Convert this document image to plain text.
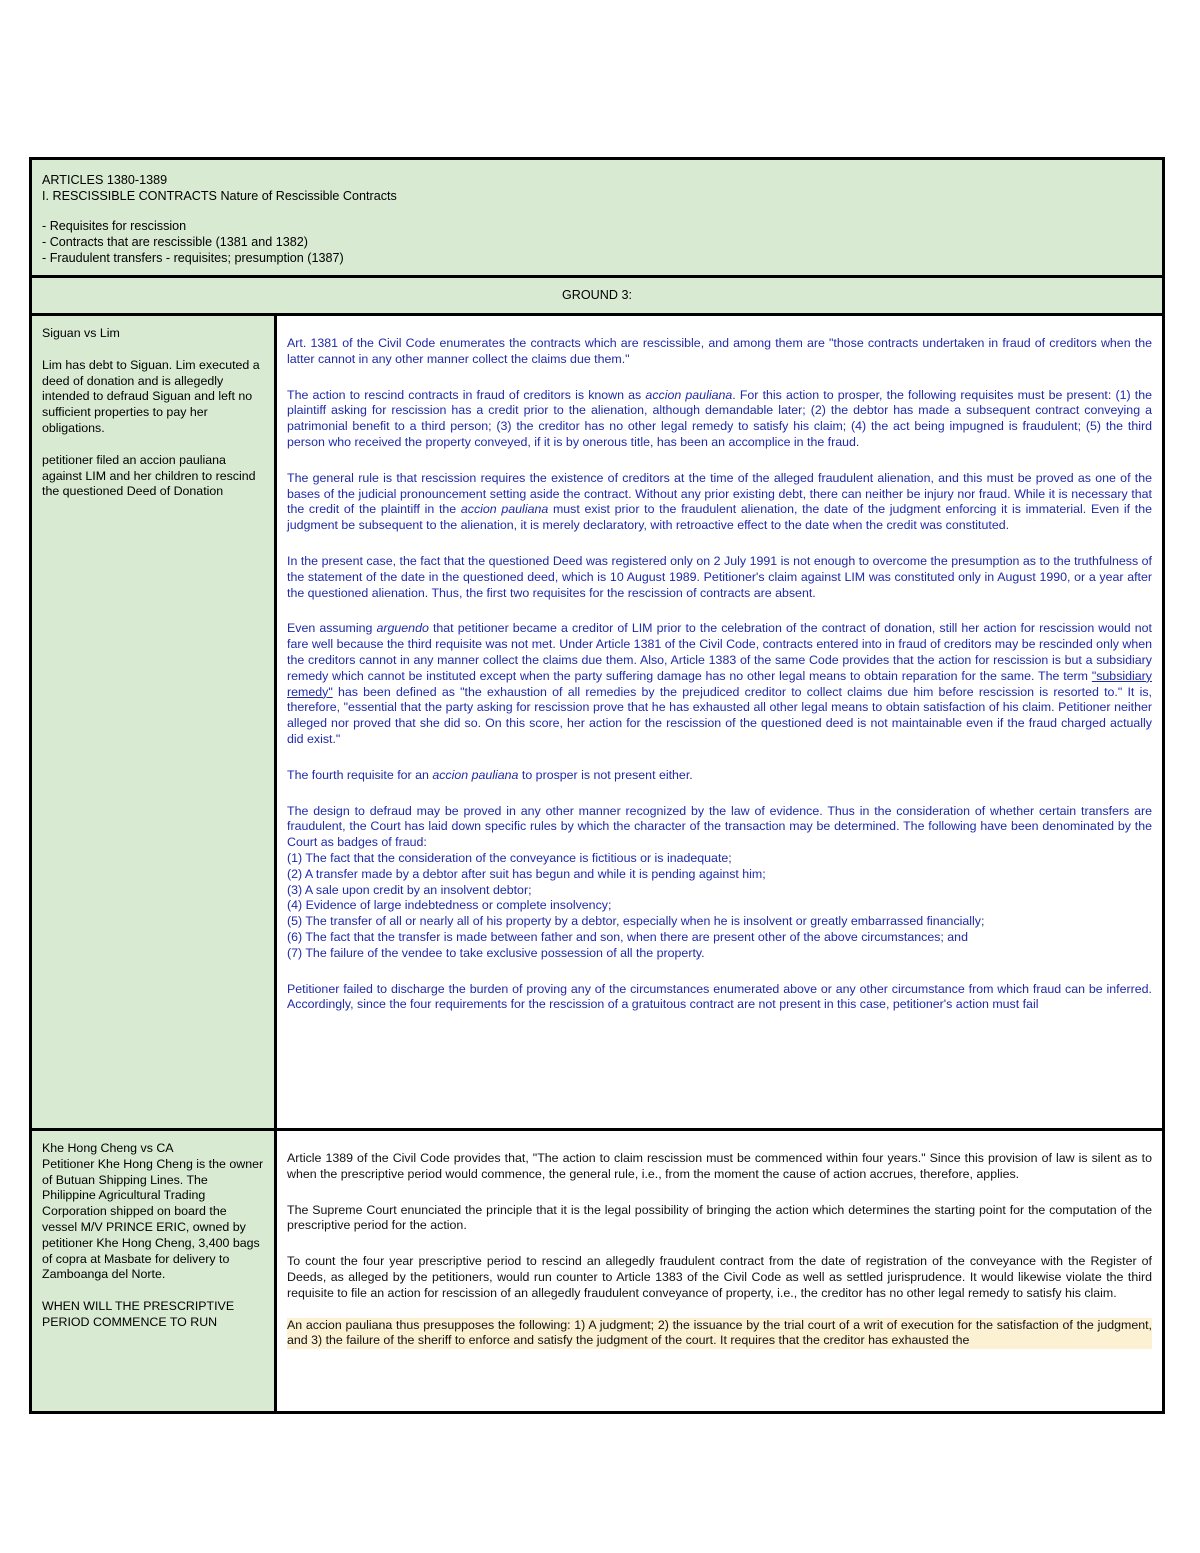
ARTICLES 1380-1389
I. RESCISSIBLE CONTRACTS Nature of Rescissible Contracts
- Requisites for rescission
- Contracts that are rescissible (1381 and 1382)
- Fraudulent transfers - requisites; presumption (1387)
GROUND 3:
Siguan vs Lim
Lim has debt to Siguan. Lim executed a deed of donation and is allegedly intended to defraud Siguan and left no sufficient properties to pay her obligations.
petitioner filed an accion pauliana against LIM and her children to rescind the questioned Deed of Donation

Art. 1381 of the Civil Code enumerates the contracts which are rescissible, and among them are "those contracts undertaken in fraud of creditors when the latter cannot in any other manner collect the claims due them."

The action to rescind contracts in fraud of creditors is known as accion pauliana. For this action to prosper, the following requisites must be present: (1) the plaintiff asking for rescission has a credit prior to the alienation, although demandable later; (2) the debtor has made a subsequent contract conveying a patrimonial benefit to a third person; (3) the creditor has no other legal remedy to satisfy his claim; (4) the act being impugned is fraudulent; (5) the third person who received the property conveyed, if it is by onerous title, has been an accomplice in the fraud.

The general rule is that rescission requires the existence of creditors at the time of the alleged fraudulent alienation, and this must be proved as one of the bases of the judicial pronouncement setting aside the contract. Without any prior existing debt, there can neither be injury nor fraud. While it is necessary that the credit of the plaintiff in the accion pauliana must exist prior to the fraudulent alienation, the date of the judgment enforcing it is immaterial. Even if the judgment be subsequent to the alienation, it is merely declaratory, with retroactive effect to the date when the credit was constituted.

In the present case, the fact that the questioned Deed was registered only on 2 July 1991 is not enough to overcome the presumption as to the truthfulness of the statement of the date in the questioned deed, which is 10 August 1989. Petitioner's claim against LIM was constituted only in August 1990, or a year after the questioned alienation. Thus, the first two requisites for the rescission of contracts are absent.

Even assuming arguendo that petitioner became a creditor of LIM prior to the celebration of the contract of donation, still her action for rescission would not fare well because the third requisite was not met. Under Article 1381 of the Civil Code, contracts entered into in fraud of creditors may be rescinded only when the creditors cannot in any manner collect the claims due them. Also, Article 1383 of the same Code provides that the action for rescission is but a subsidiary remedy which cannot be instituted except when the party suffering damage has no other legal means to obtain reparation for the same. The term "subsidiary remedy" has been defined as "the exhaustion of all remedies by the prejudiced creditor to collect claims due him before rescission is resorted to." It is, therefore, "essential that the party asking for rescission prove that he has exhausted all other legal means to obtain satisfaction of his claim. Petitioner neither alleged nor proved that she did so. On this score, her action for the rescission of the questioned deed is not maintainable even if the fraud charged actually did exist."

The fourth requisite for an accion pauliana to prosper is not present either.

The design to defraud may be proved in any other manner recognized by the law of evidence. Thus in the consideration of whether certain transfers are fraudulent, the Court has laid down specific rules by which the character of the transaction may be determined. The following have been denominated by the Court as badges of fraud:

(1) The fact that the consideration of the conveyance is fictitious or is inadequate;
(2) A transfer made by a debtor after suit has begun and while it is pending against him;
(3) A sale upon credit by an insolvent debtor;
(4) Evidence of large indebtedness or complete insolvency;
(5) The transfer of all or nearly all of his property by a debtor, especially when he is insolvent or greatly embarrassed financially;
(6) The fact that the transfer is made between father and son, when there are present other of the above circumstances; and
(7) The failure of the vendee to take exclusive possession of all the property.

Petitioner failed to discharge the burden of proving any of the circumstances enumerated above or any other circumstance from which fraud can be inferred. Accordingly, since the four requirements for the rescission of a gratuitous contract are not present in this case, petitioner's action must fail

Khe Hong Cheng vs CA
Petitioner Khe Hong Cheng is the owner of Butuan Shipping Lines. The Philippine Agricultural Trading Corporation shipped on board the vessel M/V PRINCE ERIC, owned by petitioner Khe Hong Cheng, 3,400 bags of copra at Masbate for delivery to Zamboanga del Norte.
WHEN WILL THE PRESCRIPTIVE PERIOD COMMENCE TO RUN

Article 1389 of the Civil Code provides that, "The action to claim rescission must be commenced within four years." Since this provision of law is silent as to when the prescriptive period would commence, the general rule, i.e., from the moment the cause of action accrues, therefore, applies.

The Supreme Court enunciated the principle that it is the legal possibility of bringing the action which determines the starting point for the computation of the prescriptive period for the action.

To count the four year prescriptive period to rescind an allegedly fraudulent contract from the date of registration of the conveyance with the Register of Deeds, as alleged by the petitioners, would run counter to Article 1383 of the Civil Code as well as settled jurisprudence. It would likewise violate the third requisite to file an action for rescission of an allegedly fraudulent conveyance of property, i.e., the creditor has no other legal remedy to satisfy his claim.

An accion pauliana thus presupposes the following: 1) A judgment; 2) the issuance by the trial court of a writ of execution for the satisfaction of the judgment, and 3) the failure of the sheriff to enforce and satisfy the judgment of the court. It requires that the creditor has exhausted the
